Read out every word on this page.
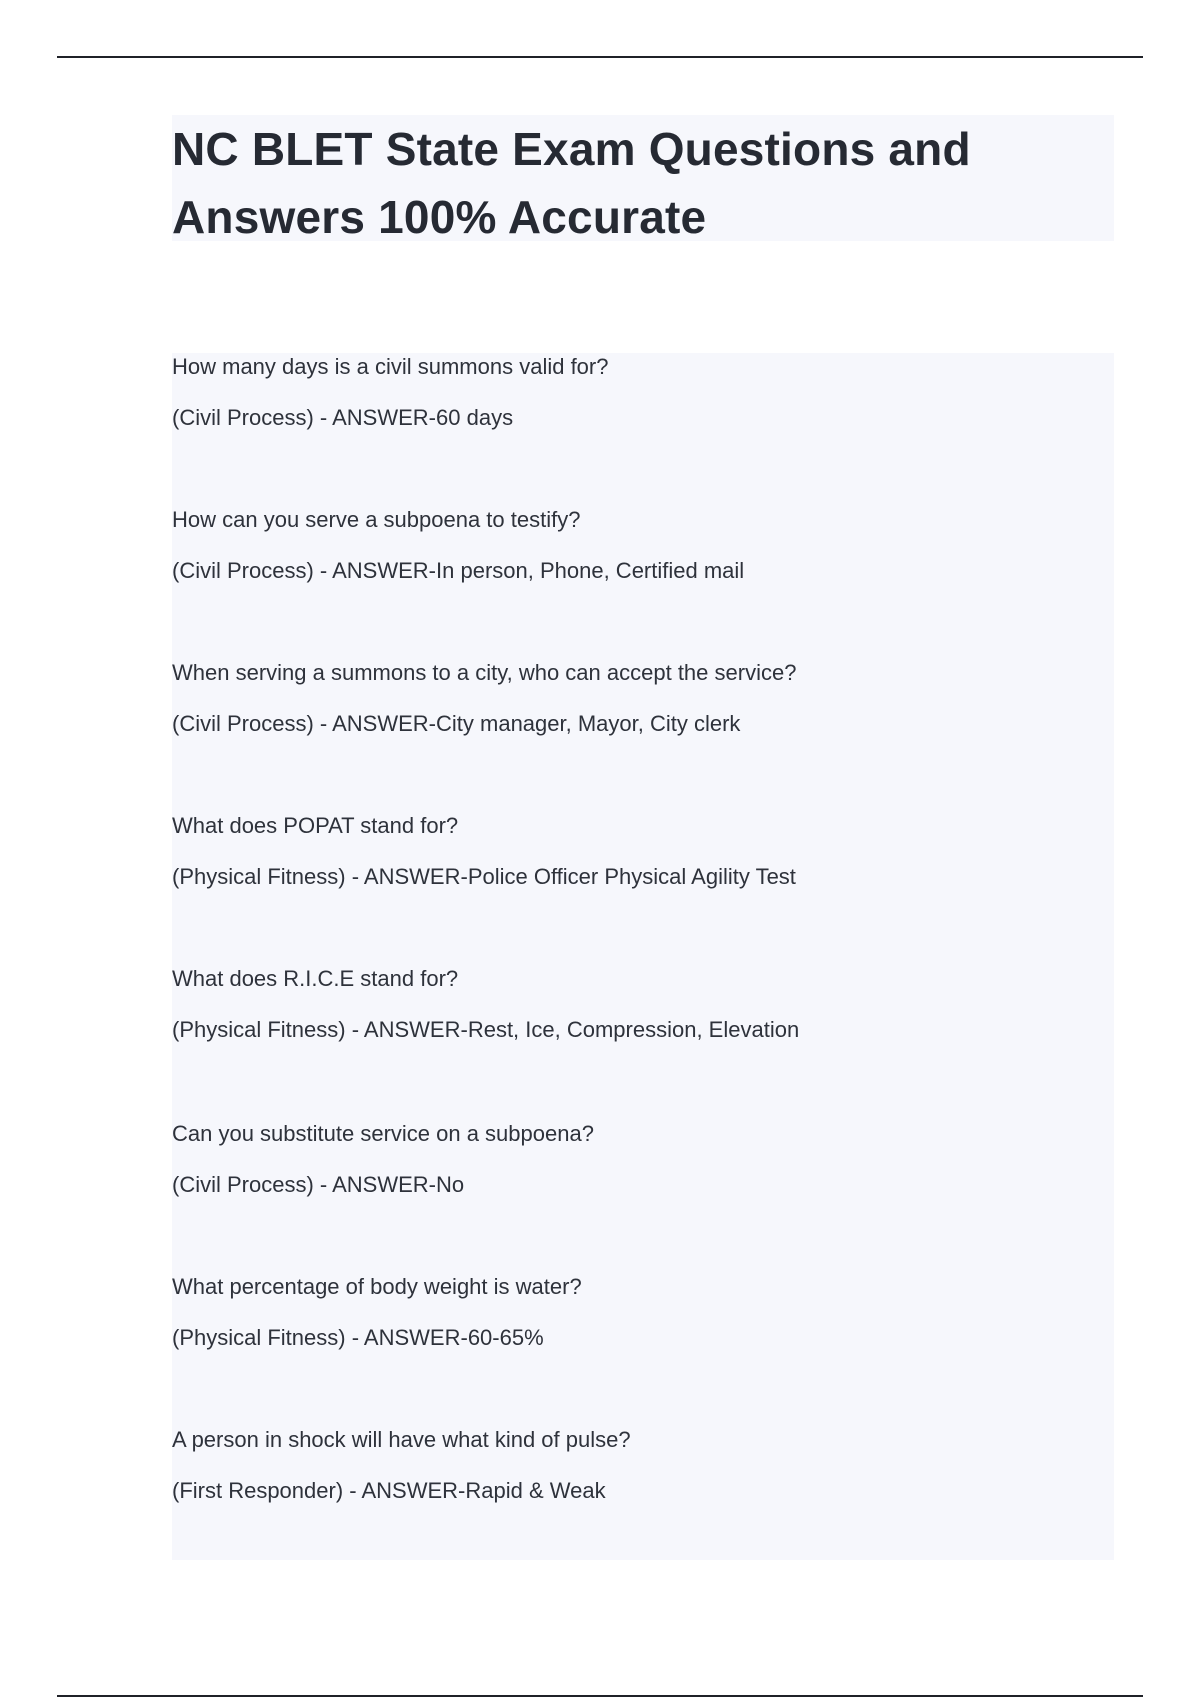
NC BLET State Exam Questions and
Answers 100% Accurate
How many days is a civil summons valid for?
(Civil Process) - ANSWER-60 days
How can you serve a subpoena to testify?
(Civil Process) - ANSWER-In person, Phone, Certified mail
When serving a summons to a city, who can accept the service?
(Civil Process) - ANSWER-City manager, Mayor, City clerk
What does POPAT stand for?
(Physical Fitness) - ANSWER-Police Officer Physical Agility Test
What does R.I.C.E stand for?
(Physical Fitness) - ANSWER-Rest, Ice, Compression, Elevation
Can you substitute service on a subpoena?
(Civil Process) - ANSWER-No
What percentage of body weight is water?
(Physical Fitness) - ANSWER-60-65%
A person in shock will have what kind of pulse?
(First Responder) - ANSWER-Rapid & Weak
